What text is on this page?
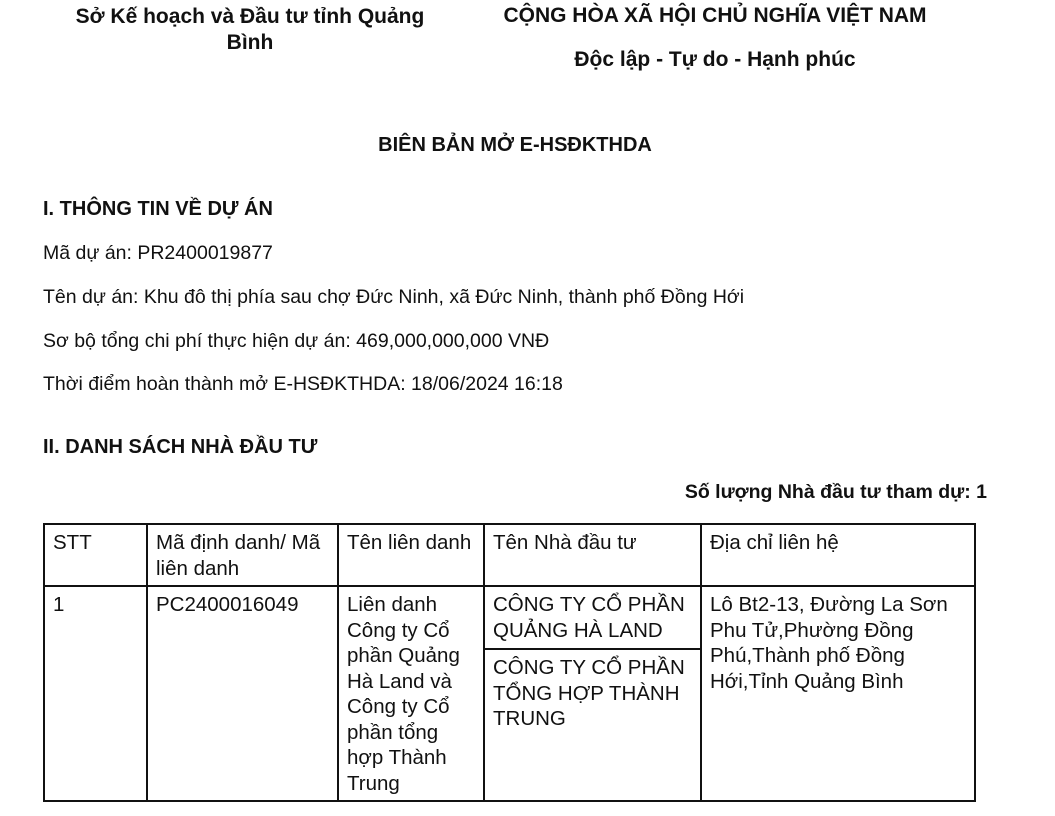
Sở Kế hoạch và Đầu tư tỉnh Quảng
Bình
CỘNG HÒA XÃ HỘI CHỦ NGHĨA VIỆT NAM
Độc lập - Tự do - Hạnh phúc
BIÊN BẢN MỞ E-HSĐKTHDA
I. THÔNG TIN VỀ DỰ ÁN
Mã dự án: PR2400019877
Tên dự án: Khu đô thị phía sau chợ Đức Ninh, xã Đức Ninh, thành phố Đồng Hới
Sơ bộ tổng chi phí thực hiện dự án: 469,000,000,000 VNĐ
Thời điểm hoàn thành mở E-HSĐKTHDA: 18/06/2024 16:18
II. DANH SÁCH NHÀ ĐẦU TƯ
Số lượng Nhà đầu tư tham dự: 1
STT	Mã định danh/ Mã liên danh	Tên liên danh	Tên Nhà đầu tư	Địa chỉ liên hệ
1	PC2400016049	Liên danh Công ty Cổ phần Quảng Hà Land và Công ty Cổ phần tổng hợp Thành Trung	CÔNG TY CỔ PHẦN QUẢNG HÀ LAND
CÔNG TY CỔ PHẦN TỔNG HỢP THÀNH TRUNG	Lô Bt2-13, Đường La Sơn Phu Tử,Phường Đồng Phú,Thành phố Đồng Hới,Tỉnh Quảng Bình
